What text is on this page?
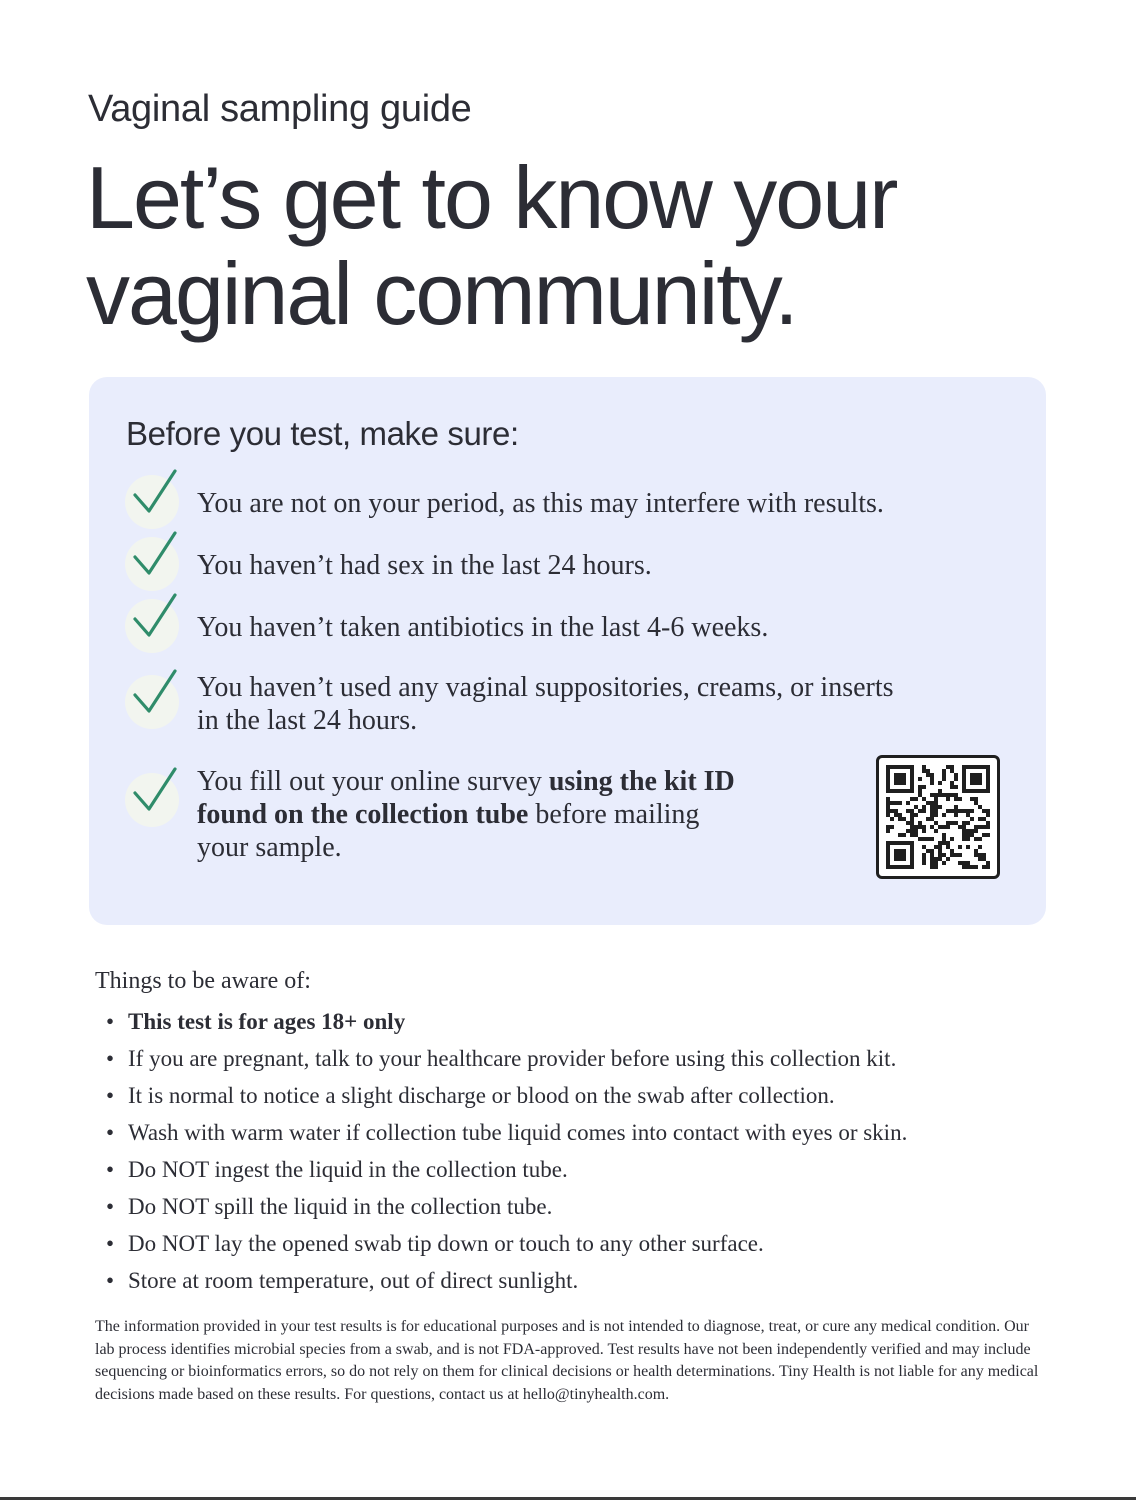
Vaginal sampling guide
Let’s get to know your vaginal community.
Before you test, make sure:
You are not on your period, as this may interfere with results.
You haven’t had sex in the last 24 hours.
You haven’t taken antibiotics in the last 4-6 weeks.
You haven’t used any vaginal suppositories, creams, or inserts
in the last 24 hours.
You fill out your online survey using the kit ID
found on the collection tube before mailing
your sample.
Things to be aware of:
• This test is for ages 18+ only
• If you are pregnant, talk to your healthcare provider before using this collection kit.
• It is normal to notice a slight discharge or blood on the swab after collection.
• Wash with warm water if collection tube liquid comes into contact with eyes or skin.
• Do NOT ingest the liquid in the collection tube.
• Do NOT spill the liquid in the collection tube.
• Do NOT lay the opened swab tip down or touch to any other surface.
• Store at room temperature, out of direct sunlight.

The information provided in your test results is for educational purposes and is not intended to diagnose, treat, or cure any medical condition. Our lab process identifies microbial species from a swab, and is not FDA-approved. Test results have not been independently verified and may include sequencing or bioinformatics errors, so do not rely on them for clinical decisions or health determinations. Tiny Health is not liable for any medical decisions made based on these results. For questions, contact us at hello@tinyhealth.com.
